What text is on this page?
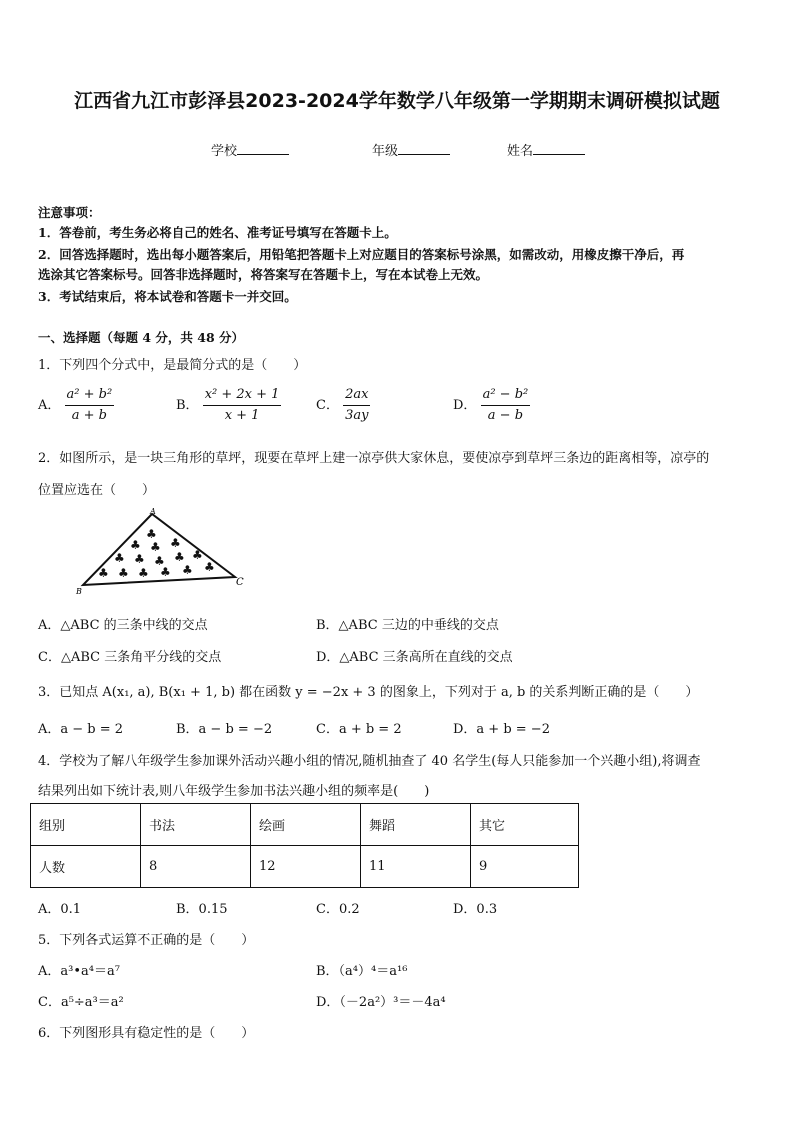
江西省九江市彭泽县2023-2024学年数学八年级第一学期期末调研模拟试题
学校	年级	姓名
注意事项：
1．答卷前，考生务必将自己的姓名、准考证号填写在答题卡上。
2．回答选择题时，选出每小题答案后，用铅笔把答题卡上对应题目的答案标号涂黑，如需改动，用橡皮擦干净后，再
选涂其它答案标号。回答非选择题时，将答案写在答题卡上，写在本试卷上无效。
3．考试结束后，将本试卷和答题卡一并交回。
一、选择题（每题 4 分，共 48 分）
1．下列四个分式中，是最简分式的是（　　）
A． $\frac{\text{a² + b²}}{a + b}$	B． $\frac{\text{x² + 2x + 1}}{x + 1}$	C． $\frac{2ax}{3ay}$	D． $\frac{\text{a² − b²}}{a - b}$
2．如图所示，是一块三角形的草坪，现要在草坪上建一凉亭供大家休息，要使凉亭到草坪三条边的距离相等，凉亭的
位置应选在（　　）
♣
♣ ♣ ♣
♣ ♣ ♣ ♣ ♣
♣ ♣ ♣ ♣ ♣ ♣
A
B
C
A．△ABC 的三条中线的交点	B．△ABC 三边的中垂线的交点
C．△ABC 三条角平分线的交点	D．△ABC 三条高所在直线的交点
3．已知点 A(x₁, a), B(x₁ + 1, b) 都在函数 y = −2x + 3 的图象上，下列对于 a, b 的关系判断正确的是（　　）
A．a − b = 2	B．a − b = −2	C．a + b = 2	D．a + b = −2
4．学校为了解八年级学生参加课外活动兴趣小组的情况,随机抽查了 40 名学生(每人只能参加一个兴趣小组),将调查
结果列出如下统计表,则八年级学生参加书法兴趣小组的频率是(　　)
组别	书法	绘画	舞蹈	其它
人数	8	12	11	9
A．0.1	B．0.15	C．0.2	D．0.3
5．下列各式运算不正确的是（　　）
A．a³•a⁴＝a⁷	B．（a⁴）⁴＝a¹⁶
C．a⁵÷a³＝a²	D．（－2a²）³＝－4a⁴
6．下列图形具有稳定性的是（　　）
